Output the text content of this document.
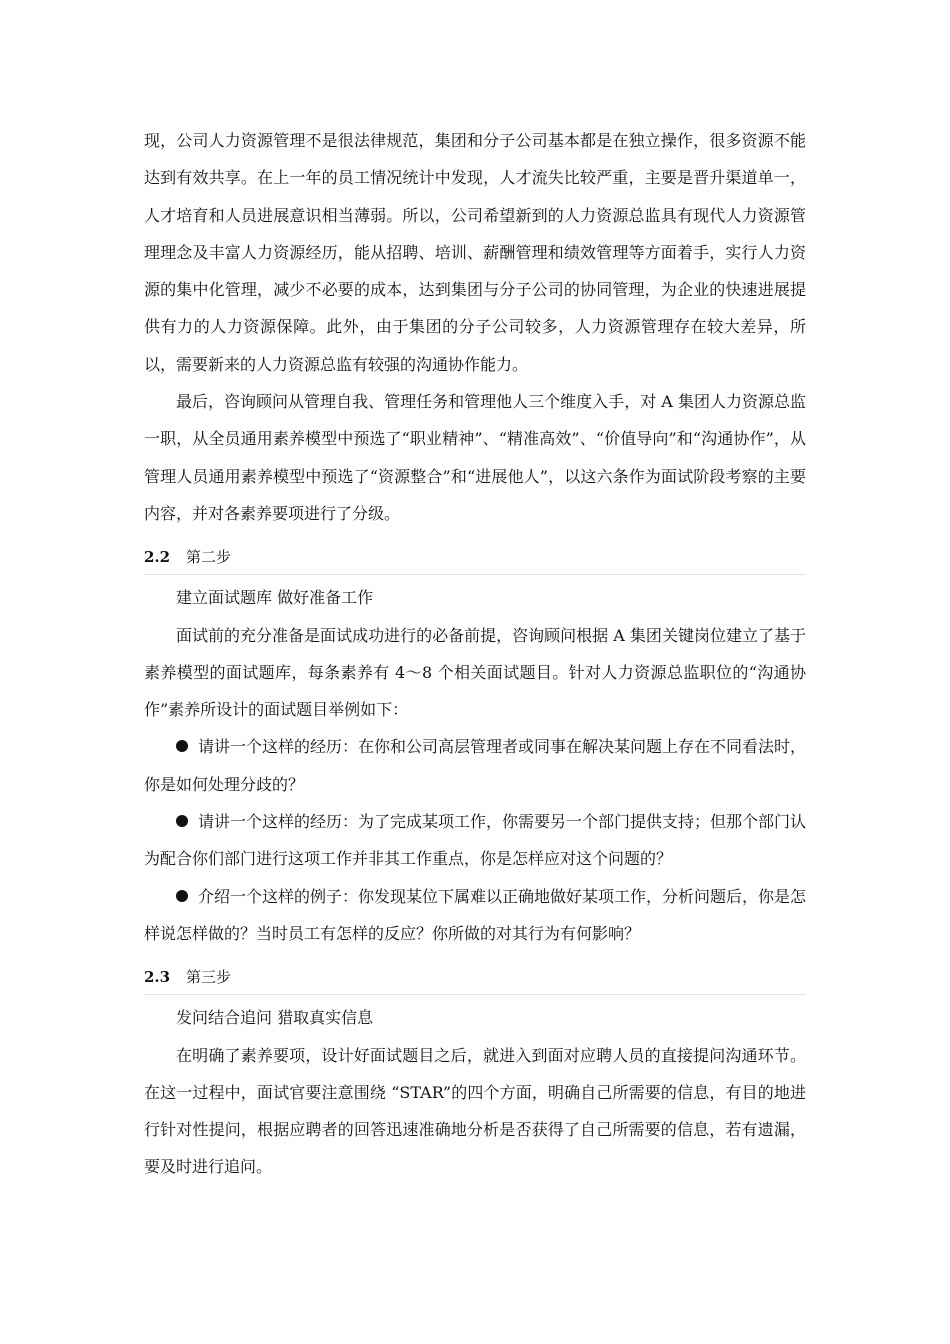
现，公司人力资源管理不是很法律规范，集团和分子公司基本都是在独立操作，很多资源不能达到有效共享。在上一年的员工情况统计中发现，人才流失比较严重，主要是晋升渠道单一，人才培育和人员进展意识相当薄弱。所以，公司希望新到的人力资源总监具有现代人力资源管理理念及丰富人力资源经历，能从招聘、培训、薪酬管理和绩效管理等方面着手，实行人力资源的集中化管理，减少不必要的成本，达到集团与分子公司的协同管理，为企业的快速进展提供有力的人力资源保障。此外，由于集团的分子公司较多，人力资源管理存在较大差异，所以，需要新来的人力资源总监有较强的沟通协作能力。

最后，咨询顾问从管理自我、管理任务和管理他人三个维度入手，对 A 集团人力资源总监一职，从全员通用素养模型中预选了“职业精神”、“精准高效”、“价值导向”和“沟通协作”，从管理人员通用素养模型中预选了“资源整合”和“进展他人”，以这六条作为面试阶段考察的主要内容，并对各素养要项进行了分级。

2.2	第二步

建立面试题库 做好准备工作

面试前的充分准备是面试成功进行的必备前提，咨询顾问根据 A 集团关键岗位建立了基于素养模型的面试题库，每条素养有 4～8 个相关面试题目。针对人力资源总监职位的“沟通协作”素养所设计的面试题目举例如下：

请讲一个这样的经历：在你和公司高层管理者或同事在解决某问题上存在不同看法时，你是如何处理分歧的？

请讲一个这样的经历：为了完成某项工作，你需要另一个部门提供支持；但那个部门认为配合你们部门进行这项工作并非其工作重点，你是怎样应对这个问题的？

介绍一个这样的例子：你发现某位下属难以正确地做好某项工作，分析问题后，你是怎样说怎样做的？当时员工有怎样的反应？你所做的对其行为有何影响？

2.3	第三步

发问结合追问 猎取真实信息

在明确了素养要项，设计好面试题目之后，就进入到面对应聘人员的直接提问沟通环节。在这一过程中，面试官要注意围绕 “STAR”的四个方面，明确自己所需要的信息，有目的地进行针对性提问，根据应聘者的回答迅速准确地分析是否获得了自己所需要的信息，若有遗漏，要及时进行追问。
